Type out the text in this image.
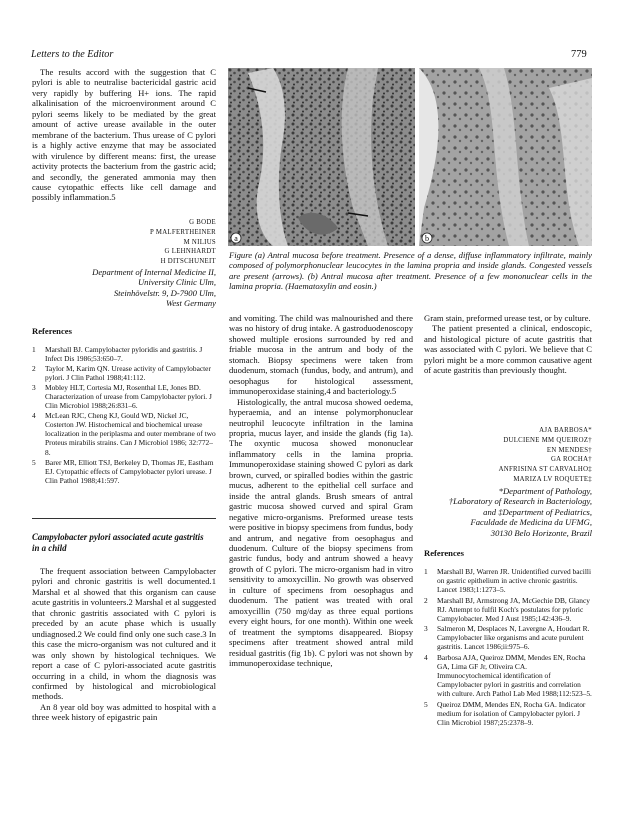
Letters to the Editor	779

The results accord with the suggestion that C pylori is able to neutralise bactericidal gastric acid very rapidly by buffering H+ ions. The rapid alkalinisation of the microenvironment around C pylori seems likely to be mediated by the great amount of active urease available in the outer membrane of the bacterium. Thus urease of C pylori is a highly active enzyme that may be associated with virulence by different means: first, the urease activity protects the bacterium from the gastric acid; and secondly, the generated ammonia may then cause cytopathic effects like cell damage and possibly inflammation.5

G BODE
P MALFERTHEINER
M NILIUS
G LEHNHARDT
H DITSCHUNEIT
Department of Internal Medicine II,
University Clinic Ulm,
Steinhövelstr. 9, D-7900 Ulm,
West Germany
References
1 Marshall BJ. Campylobacter pyloridis and gastritis. J Infect Dis 1986;53:650–7.
2 Taylor M, Karim QN. Urease activity of Campylobacter pylori. J Clin Pathol 1988;41:112.
3 Mobley HLT, Cortesia MJ, Rosenthal LE, Jones BD. Characterization of urease from Campylobacter pylori. J Clin Microbiol 1988;26:831–6.
4 McLean RJC, Cheng KJ, Gould WD, Nickel JC, Costerton JW. Histochemical and biochemical urease localization in the periplasma and outer membrane of two Proteus mirabilis strains. Can J Microbiol 1986; 32:772–8.
5 Barer MR, Elliott TSJ, Berkeley D, Thomas JE, Eastham EJ. Cytopathic effects of Campylobacter pylori urease. J Clin Pathol 1988;41:597.
Campylobacter pylori associated acute gastritis in a child

The frequent association between Campylobacter pylori and chronic gastritis is well documented.1 Marshal et al showed that this organism can cause acute gastritis in volunteers.2 Marshal et al suggested that chronic gastritis associated with C pylori is preceded by an acute phase which is usually undiagnosed.2 We could find only one such case.3 In this case the micro-organism was not cultured and it was only shown by histological techniques. We report a case of C pylori-associated acute gastritis occurring in a child, in whom the diagnosis was confirmed by histological and microbiological methods.

An 8 year old boy was admitted to hospital with a three week history of epigastric pain

a	b
Figure (a) Antral mucosa before treatment. Presence of a dense, diffuse inflammatory infiltrate, mainly composed of polymorphonuclear leucocytes in the lamina propria and inside glands. Congested vessels are present (arrows). (b) Antral mucosa after treatment. Presence of a few mononuclear cells in the lamina propria. (Haematoxylin and eosin.)

and vomiting. The child was malnourished and there was no history of drug intake. A gastroduodenoscopy showed multiple erosions surrounded by red and friable mucosa in the antrum and body of the stomach. Biopsy specimens were taken from duodenum, stomach (fundus, body, and antrum), and oesophagus for histological assessment, immunoperoxidase staining,4 and bacteriology.5

Histologically, the antral mucosa showed oedema, hyperaemia, and an intense polymorphonuclear neutrophil leucocyte infiltration in the lamina propria, mucus layer, and inside the glands (fig 1a). The oxyntic mucosa showed mononuclear inflammatory cells in the lamina propria. Immunoperoxidase staining showed C pylori as dark brown, curved, or spiralled bodies within the gastric mucus, adherent to the epithelial cell surface and inside the antral glands. Brush smears of antral gastric mucosa showed curved and spiral Gram negative micro-organisms. Preformed urease tests were positive in biopsy specimens from fundus, body and antrum, and negative from oesophagus and duodenum. Culture of the biopsy specimens from gastric fundus, body and antrum showed a heavy growth of C pylori. The micro-organism had in vitro sensitivity to amoxycillin. No growth was observed in culture of specimens from oesophagus and duodenum. The patient was treated with oral amoxycillin (750 mg/day as three equal portions every eight hours, for one month). Within one week of treatment the symptoms disappeared. Biopsy specimens after treatment showed antral mild residual gastritis (fig 1b). C pylori was not shown by immunoperoxidase technique,

Gram stain, preformed urease test, or by culture.

The patient presented a clinical, endoscopic, and histological picture of acute gastritis that was associated with C pylori. We believe that C pylori might be a more common causative agent of acute gastritis than previously thought.

AJA BARBOSA*
DULCIENE MM QUEIROZ†
EN MENDES†
GA ROCHA†
ANFRISINA ST CARVALHO‡
MARIZA LV ROQUETE‡
*Department of Pathology,
†Laboratory of Research in Bacteriology,
and ‡Department of Pediatrics,
Faculdade de Medicina da UFMG,
30130 Belo Horizonte, Brazil
References
1 Marshall BJ, Warren JR. Unidentified curved bacilli on gastric epithelium in active chronic gastritis. Lancet 1983;1:1273–5.
2 Marshall BJ, Armstrong JA, McGechie DB, Glancy RJ. Attempt to fulfil Koch's postulates for pyloric Campylobacter. Med J Aust 1985;142:436–9.
3 Salmeron M, Desplaces N, Lavergne A, Houdart R. Campylobacter like organisms and acute purulent gastritis. Lancet 1986;ii:975–6.
4 Barbosa AJA, Queiroz DMM, Mendes EN, Rocha GA, Lima GF Jr, Oliveira CA. Immunocytochemical identification of Campylobacter pylori in gastritis and correlation with culture. Arch Pathol Lab Med 1988;112:523–5.
5 Queiroz DMM, Mendes EN, Rocha GA. Indicator medium for isolation of Campylobacter pylori. J Clin Microbiol 1987;25:2378–9.
